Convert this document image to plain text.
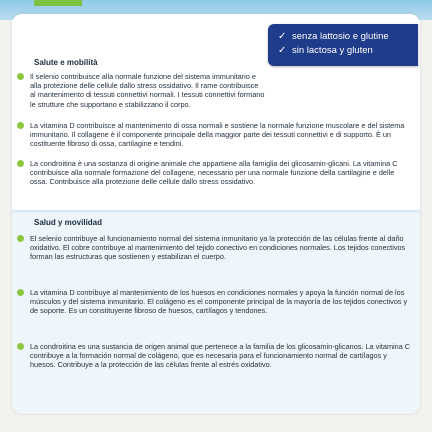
Salute e mobilità
Il selenio contribuisce alla normale funzione del sistema immunitario e alla protezione delle cellule dallo stress ossidativo. Il rame contribuisce al mantenimento di tessuti connettivi normali. I tessuti connettivi formano le strutture che supportano e stabilizzano il corpo.
La vitamina D contribuisce al mantenimento di ossa normali e sostiene la normale funzione muscolare e del sistema immunitario. Il collagene è il componente principale della maggior parte dei tessuti connettivi e di supporto. È un costituente fibroso di ossa, cartilagine e tendini.
La condroitina è una sostanza di origine animale che appartiene alla famiglia dei glicosamin-glicani. La vitamina C contribuisce alla normale formazione del collagene, necessario per una normale funzione della cartilagine e delle ossa. Contribuisce alla protezione delle cellule dallo stress ossidativo.
Salud y movilidad
El selenio contribuye al funcionamiento normal del sistema inmunitario ya la protección de las células frente al daño oxidativo. El cobre contribuye al mantenimiento del tejido conectivo en condiciones normales. Los tejidos conectivos forman las estructuras que sostienen y estabilizan el cuerpo.
La vitamina D contribuye al mantenimiento de los huesos en condiciones normales y apoya la función normal de los músculos y del sistema inmunitario. El colágeno es el componente principal de la mayoría de los tejidos conectivos y de soporte. Es un constituyente fibroso de huesos, cartílagos y tendones.
La condroitina es una sustancia de origen animal que pertenece a la familia de los glicosamin-glicanos. La vitamina C contribuye a la formación normal de colágeno, que es necesaria para el funcionamiento normal de cartílagos y huesos. Contribuye a la protección de las células frente al estrés oxidativo.
✓ senza lattosio e glutine
✓ sin lactosa y gluten
